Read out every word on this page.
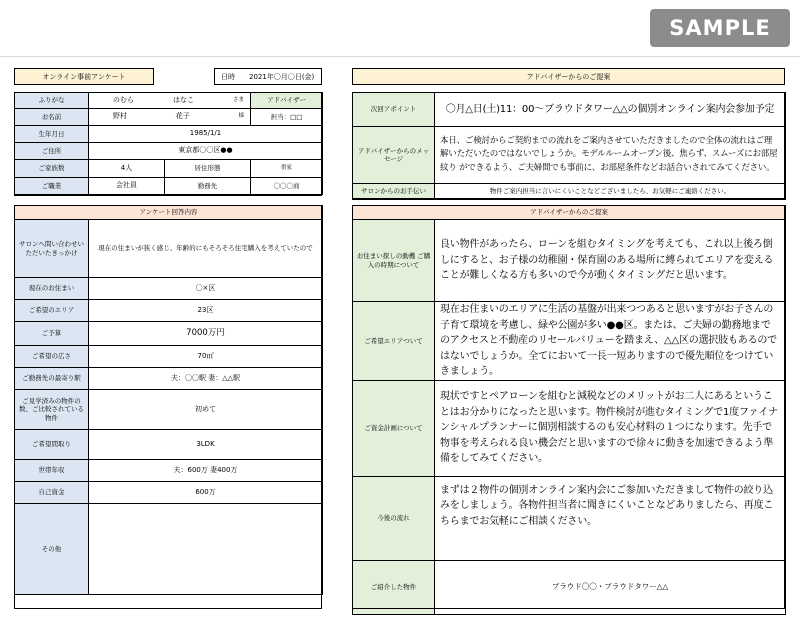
SAMPLE
オンライン事前アンケート	日時 2021年〇月〇日(金)
ふりがな	のむら はなこ さま		アドバイザー
お名前	野村 花子 様		担当：□□
生年月日	1985/1/1		
ご住所	東京都〇〇区●●		
ご家族数	4人	居住形態	借家
ご職業	会社員	勤務先	〇〇〇商
アンケート回答内容	
サロンへ問い合わせいただいたきっかけ	現在の住まいが狭く感じ、年齢的にもそろそろ住宅購入を考えていたので
現在のお住まい	〇×区
ご希望のエリア	23区
ご予算	7000万円
ご希望の広さ	70㎡
ご勤務先の最寄り駅	夫：〇〇駅 妻：△△駅
ご見学済みの物件の数、ご比較されている物件	初めて
ご希望間取り	3LDK
世帯年収	夫：600万 妻400万
自己資金	600万
その他	
アドバイザーからのご提案
次回アポイント	〇月△日(土)11：00～ブラウドタワー△△の個別オンライン案内会参加予定
アドバイザーからのメッセージ	本日、ご検討からご契約までの流れをご案内させていただきましたので全体の流れはご理解いただいたのではないでしょうか。モデルルームオープン後、焦らず、スムーズにお部屋紋り ができるよう、ご夫婦間でも事前に、お部屋条件などお話合いされてみてください。
サロンからのお手伝い	物件ご案内担当に言いにくいことなどございましたら、お気軽にご連絡ください。
アドバイザーからのご提案	
お住まい探しの動機 ご購入の時期について	良い物件があったら、ローンを組むタイミングを考えても、これ以上後ろ倒しにすると、お子様の幼稚園・保育園のある場所に縛られてエリアを変えることが難しくなる方も多いので今が動くタイミングだと思います。
ご希望エリアついて	現在お住まいのエリアに生活の基盤が出来つつあると思いますがお子さんの子育て環境を考慮し、緑や公園が多い●●区。または、ご夫婦の勤務地までのアクセスと不動産のリセールバリューを踏まえ、△△区の選択肢もあるのではないでしょうか。全てにおいて一長一短ありますので優先順位をつけていきましょう。
ご資金計画について	現状ですとペアローンを組むと減税などのメリットがお二人にあるということはお分かりになったと思います。物件検討が進むタイミングで1度ファイナンシャルプランナーに個別相談するのも安心材料の１つになります。先手で物事を考えられる良い機会だと思いますので徐々に動きを加速できるよう準備をしてみてください。
今後の流れ	まずは２物件の個別オンライン案内会にご参加いただきまして物件の絞り込みをしましょう。各物件担当者に聞きにくいことなどありましたら、再度こちらまでお気軽にご相談ください。
ご紹介した物件	ブラウド〇〇・ブラウドタワー△△
